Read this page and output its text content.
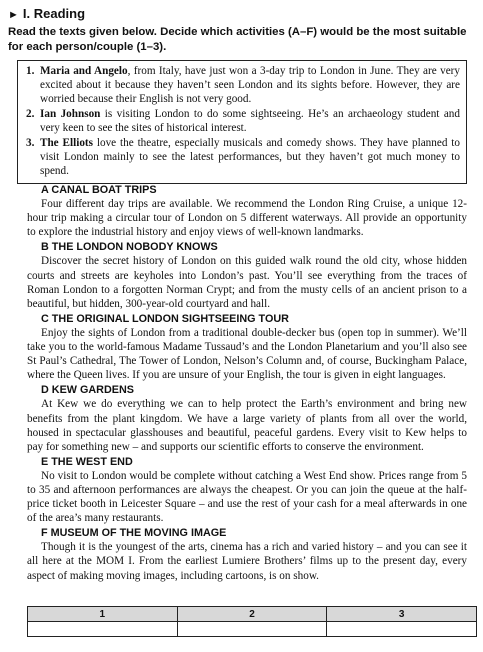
► I. Reading
Read the texts given below. Decide which activities (A–F) would be the most suitable for each person/couple (1–3).
1. Maria and Angelo, from Italy, have just won a 3-day trip to London in June. They are very excited about it because they haven’t seen London and its sights before. However, they are worried because their English is not very good.
2. Ian Johnson is visiting London to do some sightseeing. He’s an archaeology student and very keen to see the sites of historical interest.
3. The Elliots love the theatre, especially musicals and comedy shows. They have planned to visit London mainly to see the latest performances, but they haven’t got much money to spend.
A CANAL BOAT TRIPS
Four different day trips are available. We recommend the London Ring Cruise, a unique 12-hour trip making a circular tour of London on 5 different waterways. All provide an opportunity to explore the industrial history and enjoy views of well-known landmarks.
B THE LONDON NOBODY KNOWS
Discover the secret history of London on this guided walk round the old city, whose hidden courts and streets are keyholes into London’s past. You’ll see everything from the traces of Roman London to a forgotten Norman Crypt; and from the musty cells of an ancient prison to a beautiful, but hidden, 300-year-old courtyard and hall.
C THE ORIGINAL LONDON SIGHTSEEING TOUR
Enjoy the sights of London from a traditional double-decker bus (open top in summer). We’ll take you to the world-famous Madame Tussaud’s and the London Planetarium and you’ll also see St Paul’s Cathedral, The Tower of London, Nelson’s Column and, of course, Buckingham Palace, where the Queen lives. If you are unsure of your English, the tour is given in eight languages.
D KEW GARDENS
At Kew we do everything we can to help protect the Earth’s environment and bring new benefits from the plant kingdom. We have a large variety of plants from all over the world, housed in spectacular glasshouses and beautiful, peaceful gardens. Every visit to Kew helps to pay for something new – and supports our scientific efforts to conserve the environment.
E THE WEST END
No visit to London would be complete without catching a West End show. Prices range from 5 to 35 and afternoon performances are always the cheapest. Or you can join the queue at the half-price ticket booth in Leicester Square – and use the rest of your cash for a meal afterwards in one of the area’s many restaurants.
F MUSEUM OF THE MOVING IMAGE
Though it is the youngest of the arts, cinema has a rich and varied history – and you can see it all here at the MOM I. From the earliest Lumiere Brothers’ films up to the present day, every aspect of making moving images, including cartoons, is on show.
1	2	3
